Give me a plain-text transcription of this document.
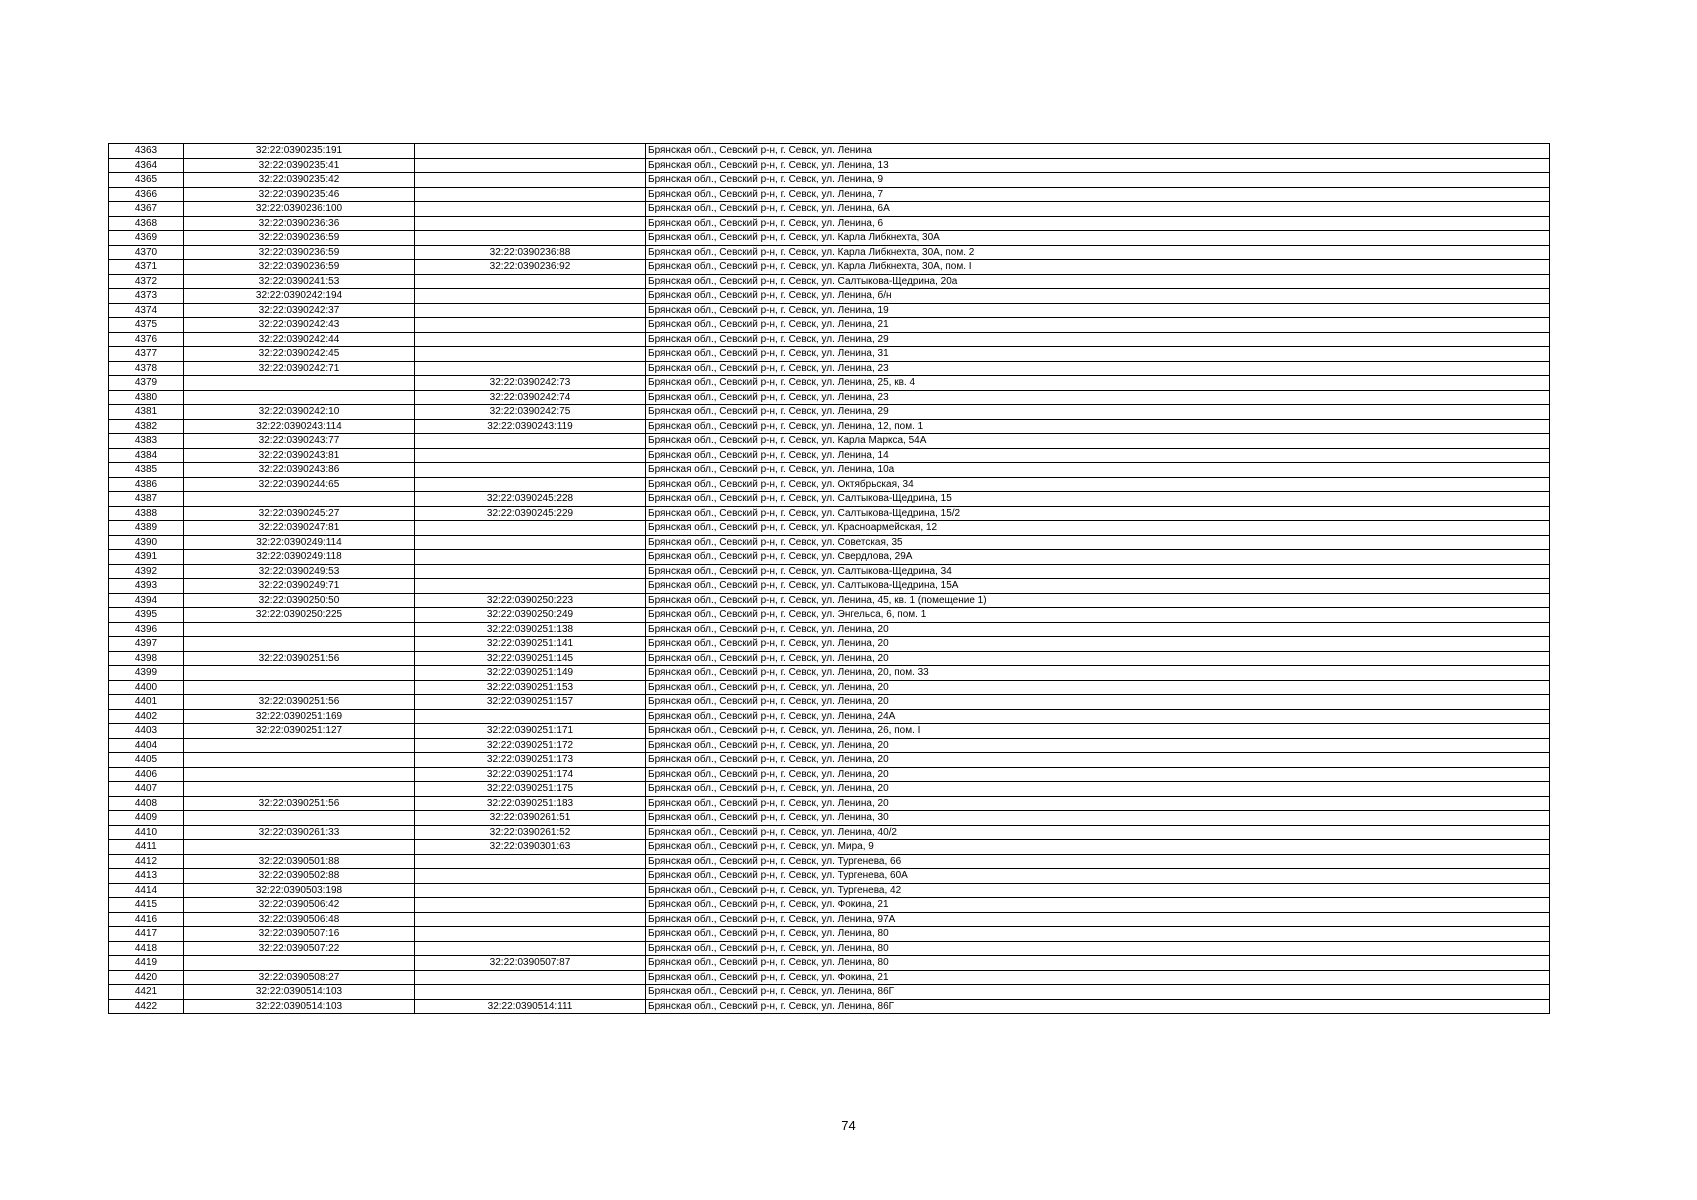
4363	32:22:0390235:191		Брянская обл., Севский р-н, г. Севск, ул. Ленина
4364	32:22:0390235:41		Брянская обл., Севский р-н, г. Севск, ул. Ленина, 13
4365	32:22:0390235:42		Брянская обл., Севский р-н, г. Севск, ул. Ленина, 9
4366	32:22:0390235:46		Брянская обл., Севский р-н, г. Севск, ул. Ленина, 7
4367	32:22:0390236:100		Брянская обл., Севский р-н, г. Севск, ул. Ленина, 6А
4368	32:22:0390236:36		Брянская обл., Севский р-н, г. Севск, ул. Ленина, 6
4369	32:22:0390236:59		Брянская обл., Севский р-н, г. Севск, ул. Карла Либкнехта, 30А
4370	32:22:0390236:59	32:22:0390236:88	Брянская обл., Севский р-н, г. Севск, ул. Карла Либкнехта, 30А, пом. 2
4371	32:22:0390236:59	32:22:0390236:92	Брянская обл., Севский р-н, г. Севск, ул. Карла Либкнехта, 30А, пом. I
4372	32:22:0390241:53		Брянская обл., Севский р-н, г. Севск, ул. Салтыкова-Щедрина, 20а
4373	32:22:0390242:194		Брянская обл., Севский р-н, г. Севск, ул. Ленина, б/н
4374	32:22:0390242:37		Брянская обл., Севский р-н, г. Севск, ул. Ленина, 19
4375	32:22:0390242:43		Брянская обл., Севский р-н, г. Севск, ул. Ленина, 21
4376	32:22:0390242:44		Брянская обл., Севский р-н, г. Севск, ул. Ленина, 29
4377	32:22:0390242:45		Брянская обл., Севский р-н, г. Севск, ул. Ленина, 31
4378	32:22:0390242:71		Брянская обл., Севский р-н, г. Севск, ул. Ленина, 23
4379		32:22:0390242:73	Брянская обл., Севский р-н, г. Севск, ул. Ленина, 25, кв. 4
4380		32:22:0390242:74	Брянская обл., Севский р-н, г. Севск, ул. Ленина, 23
4381	32:22:0390242:10	32:22:0390242:75	Брянская обл., Севский р-н, г. Севск, ул. Ленина, 29
4382	32:22:0390243:114	32:22:0390243:119	Брянская обл., Севский р-н, г. Севск, ул. Ленина, 12, пом. 1
4383	32:22:0390243:77		Брянская обл., Севский р-н, г. Севск, ул. Карла Маркса, 54А
4384	32:22:0390243:81		Брянская обл., Севский р-н, г. Севск, ул. Ленина, 14
4385	32:22:0390243:86		Брянская обл., Севский р-н, г. Севск, ул. Ленина, 10а
4386	32:22:0390244:65		Брянская обл., Севский р-н, г. Севск, ул. Октябрьская, 34
4387		32:22:0390245:228	Брянская обл., Севский р-н, г. Севск, ул. Салтыкова-Щедрина, 15
4388	32:22:0390245:27	32:22:0390245:229	Брянская обл., Севский р-н, г. Севск, ул. Салтыкова-Щедрина, 15/2
4389	32:22:0390247:81		Брянская обл., Севский р-н, г. Севск, ул. Красноармейская, 12
4390	32:22:0390249:114		Брянская обл., Севский р-н, г. Севск, ул. Советская, 35
4391	32:22:0390249:118		Брянская обл., Севский р-н, г. Севск, ул. Свердлова, 29А
4392	32:22:0390249:53		Брянская обл., Севский р-н, г. Севск, ул. Салтыкова-Щедрина, 34
4393	32:22:0390249:71		Брянская обл., Севский р-н, г. Севск, ул. Салтыкова-Щедрина, 15А
4394	32:22:0390250:50	32:22:0390250:223	Брянская обл., Севский р-н, г. Севск, ул. Ленина, 45, кв. 1 (помещение 1)
4395	32:22:0390250:225	32:22:0390250:249	Брянская обл., Севский р-н, г. Севск, ул. Энгельса, 6, пом. 1
4396		32:22:0390251:138	Брянская обл., Севский р-н, г. Севск, ул. Ленина, 20
4397		32:22:0390251:141	Брянская обл., Севский р-н, г. Севск, ул. Ленина, 20
4398	32:22:0390251:56	32:22:0390251:145	Брянская обл., Севский р-н, г. Севск, ул. Ленина, 20
4399		32:22:0390251:149	Брянская обл., Севский р-н, г. Севск, ул. Ленина, 20, пом. 33
4400		32:22:0390251:153	Брянская обл., Севский р-н, г. Севск, ул. Ленина, 20
4401	32:22:0390251:56	32:22:0390251:157	Брянская обл., Севский р-н, г. Севск, ул. Ленина, 20
4402	32:22:0390251:169		Брянская обл., Севский р-н, г. Севск, ул. Ленина, 24А
4403	32:22:0390251:127	32:22:0390251:171	Брянская обл., Севский р-н, г. Севск, ул. Ленина, 26, пом. I
4404		32:22:0390251:172	Брянская обл., Севский р-н, г. Севск, ул. Ленина, 20
4405		32:22:0390251:173	Брянская обл., Севский р-н, г. Севск, ул. Ленина, 20
4406		32:22:0390251:174	Брянская обл., Севский р-н, г. Севск, ул. Ленина, 20
4407		32:22:0390251:175	Брянская обл., Севский р-н, г. Севск, ул. Ленина, 20
4408	32:22:0390251:56	32:22:0390251:183	Брянская обл., Севский р-н, г. Севск, ул. Ленина, 20
4409		32:22:0390261:51	Брянская обл., Севский р-н, г. Севск, ул. Ленина, 30
4410	32:22:0390261:33	32:22:0390261:52	Брянская обл., Севский р-н, г. Севск, ул. Ленина, 40/2
4411		32:22:0390301:63	Брянская обл., Севский р-н, г. Севск, ул. Мира, 9
4412	32:22:0390501:88		Брянская обл., Севский р-н, г. Севск, ул. Тургенева, 66
4413	32:22:0390502:88		Брянская обл., Севский р-н, г. Севск, ул. Тургенева, 60А
4414	32:22:0390503:198		Брянская обл., Севский р-н, г. Севск, ул. Тургенева, 42
4415	32:22:0390506:42		Брянская обл., Севский р-н, г. Севск, ул. Фокина, 21
4416	32:22:0390506:48		Брянская обл., Севский р-н, г. Севск, ул. Ленина, 97А
4417	32:22:0390507:16		Брянская обл., Севский р-н, г. Севск, ул. Ленина, 80
4418	32:22:0390507:22		Брянская обл., Севский р-н, г. Севск, ул. Ленина, 80
4419		32:22:0390507:87	Брянская обл., Севский р-н, г. Севск, ул. Ленина, 80
4420	32:22:0390508:27		Брянская обл., Севский р-н, г. Севск, ул. Фокина, 21
4421	32:22:0390514:103		Брянская обл., Севский р-н, г. Севск, ул. Ленина, 86Г
4422	32:22:0390514:103	32:22:0390514:111	Брянская обл., Севский р-н, г. Севск, ул. Ленина, 86Г
74
